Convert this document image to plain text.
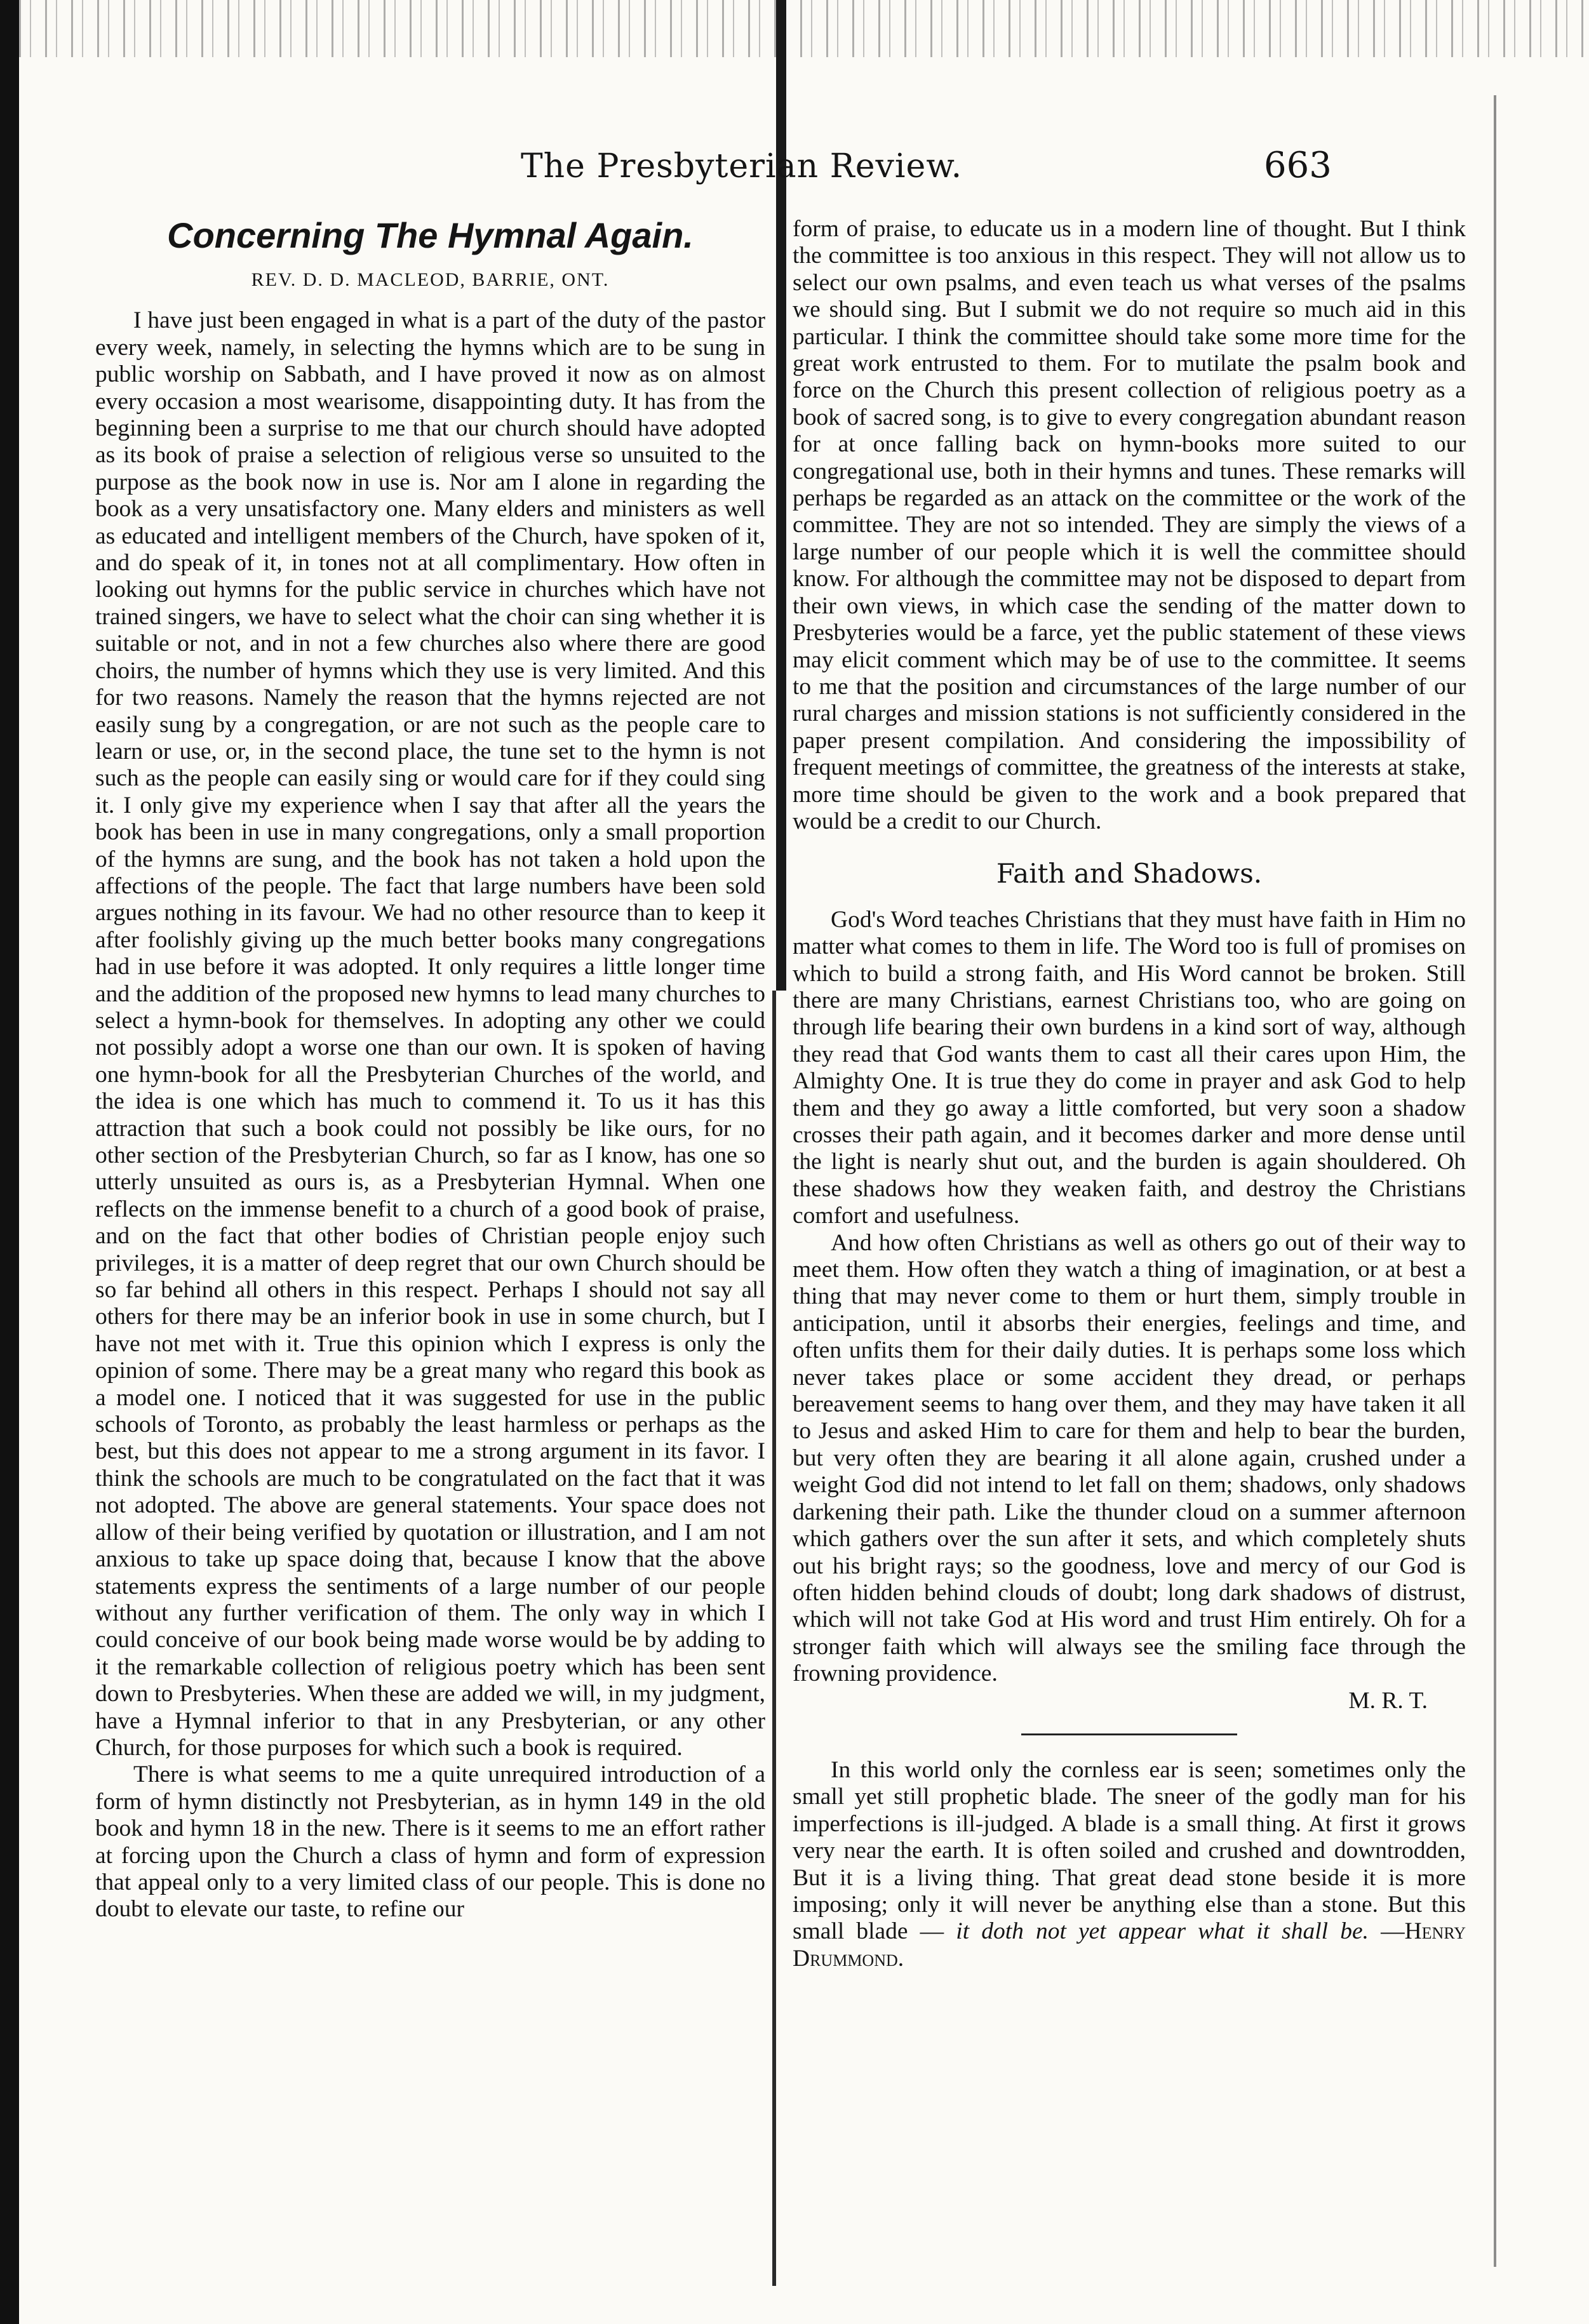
The Presbyterian Review.	663
Concerning The Hymnal Again.
REV. D. D. MACLEOD, BARRIE, ONT.

I have just been engaged in what is a part of the duty of the pastor every week, namely, in selecting the hymns which are to be sung in public worship on Sabbath, and I have proved it now as on almost every occasion a most wearisome, disappointing duty. It has from the beginning been a surprise to me that our church should have adopted as its book of praise a selection of religious verse so unsuited to the purpose as the book now in use is. Nor am I alone in regarding the book as a very unsatisfactory one. Many elders and ministers as well as educated and intelligent members of the Church, have spoken of it, and do speak of it, in tones not at all complimentary. How often in looking out hymns for the public service in churches which have not trained singers, we have to select what the choir can sing whether it is suitable or not, and in not a few churches also where there are good choirs, the number of hymns which they use is very limited. And this for two reasons. Namely the reason that the hymns rejected are not easily sung by a congregation, or are not such as the people care to learn or use, or, in the second place, the tune set to the hymn is not such as the people can easily sing or would care for if they could sing it. I only give my experience when I say that after all the years the book has been in use in many congregations, only a small proportion of the hymns are sung, and the book has not taken a hold upon the affections of the people. The fact that large numbers have been sold argues nothing in its favour. We had no other resource than to keep it after foolishly giving up the much better books many congregations had in use before it was adopted. It only requires a little longer time and the addition of the proposed new hymns to lead many churches to select a hymn-book for themselves. In adopting any other we could not possibly adopt a worse one than our own. It is spoken of having one hymn-book for all the Presbyterian Churches of the world, and the idea is one which has much to commend it. To us it has this attraction that such a book could not possibly be like ours, for no other section of the Presbyterian Church, so far as I know, has one so utterly unsuited as ours is, as a Presbyterian Hymnal. When one reflects on the immense benefit to a church of a good book of praise, and on the fact that other bodies of Christian people enjoy such privileges, it is a matter of deep regret that our own Church should be so far behind all others in this respect. Perhaps I should not say all others for there may be an inferior book in use in some church, but I have not met with it. True this opinion which I express is only the opinion of some. There may be a great many who regard this book as a model one. I noticed that it was suggested for use in the public schools of Toronto, as probably the least harmless or perhaps as the best, but this does not appear to me a strong argument in its favor. I think the schools are much to be congratulated on the fact that it was not adopted. The above are general statements. Your space does not allow of their being verified by quotation or illustration, and I am not anxious to take up space doing that, because I know that the above statements express the sentiments of a large number of our people without any further verification of them. The only way in which I could conceive of our book being made worse would be by adding to it the remarkable collection of religious poetry which has been sent down to Presbyteries. When these are added we will, in my judgment, have a Hymnal inferior to that in any Presbyterian, or any other Church, for those purposes for which such a book is required.

There is what seems to me a quite unrequired introduction of a form of hymn distinctly not Presbyterian, as in hymn 149 in the old book and hymn 18 in the new. There is it seems to me an effort rather at forcing upon the Church a class of hymn and form of expression that appeal only to a very limited class of our people. This is done no doubt to elevate our taste, to refine our

form of praise, to educate us in a modern line of thought. But I think the committee is too anxious in this respect. They will not allow us to select our own psalms, and even teach us what verses of the psalms we should sing. But I submit we do not require so much aid in this particular. I think the committee should take some more time for the great work entrusted to them. For to mutilate the psalm book and force on the Church this present collection of religious poetry as a book of sacred song, is to give to every congregation abundant reason for at once falling back on hymn-books more suited to our congregational use, both in their hymns and tunes. These remarks will perhaps be regarded as an attack on the committee or the work of the committee. They are not so intended. They are simply the views of a large number of our people which it is well the committee should know. For although the committee may not be disposed to depart from their own views, in which case the sending of the matter down to Presbyteries would be a farce, yet the public statement of these views may elicit comment which may be of use to the committee. It seems to me that the position and circumstances of the large number of our rural charges and mission stations is not sufficiently considered in the paper present compilation. And considering the impossibility of frequent meetings of committee, the greatness of the interests at stake, more time should be given to the work and a book prepared that would be a credit to our Church.

Faith and Shadows.

God's Word teaches Christians that they must have faith in Him no matter what comes to them in life. The Word too is full of promises on which to build a strong faith, and His Word cannot be broken. Still there are many Christians, earnest Christians too, who are going on through life bearing their own burdens in a kind sort of way, although they read that God wants them to cast all their cares upon Him, the Almighty One. It is true they do come in prayer and ask God to help them and they go away a little comforted, but very soon a shadow crosses their path again, and it becomes darker and more dense until the light is nearly shut out, and the burden is again shouldered. Oh these shadows how they weaken faith, and destroy the Christians comfort and usefulness.

And how often Christians as well as others go out of their way to meet them. How often they watch a thing of imagination, or at best a thing that may never come to them or hurt them, simply trouble in anticipation, until it absorbs their energies, feelings and time, and often unfits them for their daily duties. It is perhaps some loss which never takes place or some accident they dread, or perhaps bereavement seems to hang over them, and they may have taken it all to Jesus and asked Him to care for them and help to bear the burden, but very often they are bearing it all alone again, crushed under a weight God did not intend to let fall on them; shadows, only shadows darkening their path. Like the thunder cloud on a summer afternoon which gathers over the sun after it sets, and which completely shuts out his bright rays; so the goodness, love and mercy of our God is often hidden behind clouds of doubt; long dark shadows of distrust, which will not take God at His word and trust Him entirely. Oh for a stronger faith which will always see the smiling face through the frowning providence.

M. R. T.

In this world only the cornless ear is seen; sometimes only the small yet still prophetic blade. The sneer of the godly man for his imperfections is ill-judged. A blade is a small thing. At first it grows very near the earth. It is often soiled and crushed and downtrodden, But it is a living thing. That great dead stone beside it is more imposing; only it will never be anything else than a stone. But this small blade — it doth not yet appear what it shall be. —Henry Drummond.
